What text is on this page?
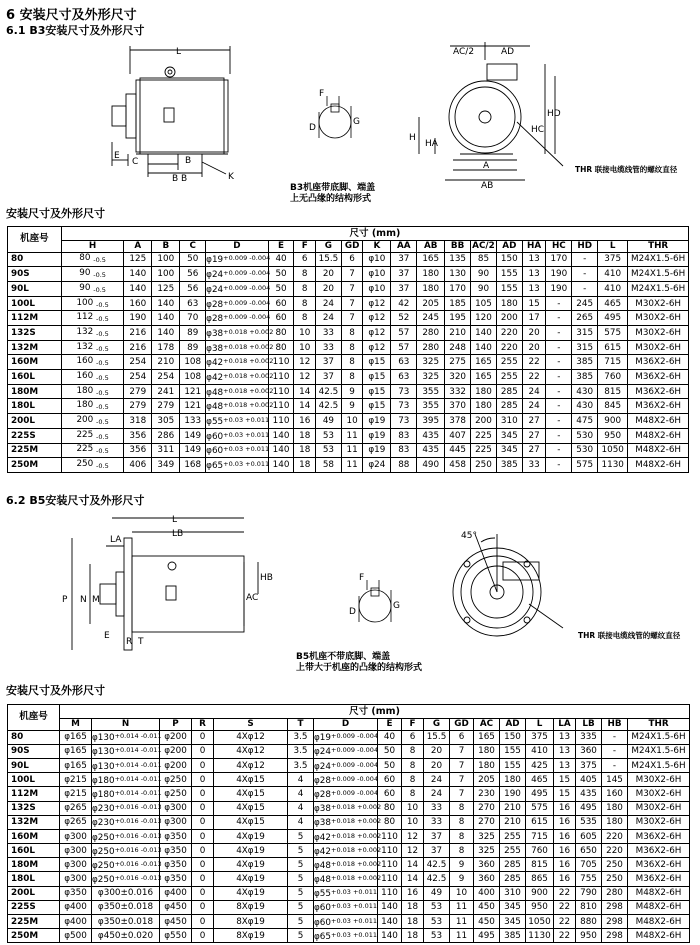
6 安装尺寸及外形尺寸
6.1 B3安装尺寸及外形尺寸
L
E
C	B
B B	K
F
D
G
B3机座带底脚、端盖
上无凸缘的结构形式
AC/2	AD
HD
HC
H
HA
A
AB
THR 联接电缆线管的螺纹直径
安装尺寸及外形尺寸
机座号	尺寸 (mm)																			
	H	A	B	C	D	E	F	G	GD	K	AA	AB	BB	AC/2	AD	HA	HC	HD	L	THR
80	80 $_{-0.5}$	125	100	50	$\varphi 19^{+0.009 -0.004}$	40	6	15.5	6	φ10	37	165	135	85	150	13	170	-	375	M24X1.5-6H
90S	90 $_{-0.5}$	140	100	56	$\varphi 24^{+0.009 -0.004}$	50	8	20	7	φ10	37	180	130	90	155	13	190	-	410	M24X1.5-6H
90L	90 $_{-0.5}$	140	125	56	$\varphi 24^{+0.009 -0.004}$	50	8	20	7	φ10	37	180	170	90	155	13	190	-	410	M24X1.5-6H
100L	100 $_{-0.5}$	160	140	63	$\varphi 28^{+0.009 -0.004}$	60	8	24	7	φ12	42	205	185	105	180	15	-	245	465	M30X2-6H
112M	112 $_{-0.5}$	190	140	70	$\varphi 28^{+0.009 -0.004}$	60	8	24	7	φ12	52	245	195	120	200	17	-	265	495	M30X2-6H
132S	132 $_{-0.5}$	216	140	89	$\varphi 38^{+0.018 +0.002}$	80	10	33	8	φ12	57	280	210	140	220	20	-	315	575	M30X2-6H
132M	132 $_{-0.5}$	216	178	89	$\varphi 38^{+0.018 +0.002}$	80	10	33	8	φ12	57	280	248	140	220	20	-	315	615	M30X2-6H
160M	160 $_{-0.5}$	254	210	108	$\varphi 42^{+0.018 +0.002}$	110	12	37	8	φ15	63	325	275	165	255	22	-	385	715	M36X2-6H
160L	160 $_{-0.5}$	254	254	108	$\varphi 42^{+0.018 +0.002}$	110	12	37	8	φ15	63	325	320	165	255	22	-	385	760	M36X2-6H
180M	180 $_{-0.5}$	279	241	121	$\varphi 48^{+0.018 +0.002}$	110	14	42.5	9	φ15	73	355	332	180	285	24	-	430	815	M36X2-6H
180L	180 $_{-0.5}$	279	279	121	$\varphi 48^{+0.018 +0.002}$	110	14	42.5	9	φ15	73	355	370	180	285	24	-	430	845	M36X2-6H
200L	200 $_{-0.5}$	318	305	133	$\varphi 55^{+0.03 +0.011}$	110	16	49	10	φ19	73	395	378	200	310	27	-	475	900	M48X2-6H
225S	225 $_{-0.5}$	356	286	149	$\varphi 60^{+0.03 +0.011}$	140	18	53	11	φ19	83	435	407	225	345	27	-	530	950	M48X2-6H
225M	225 $_{-0.5}$	356	311	149	$\varphi 60^{+0.03 +0.011}$	140	18	53	11	φ19	83	435	445	225	345	27	-	530	1050	M48X2-6H
250M	250 $_{-0.5}$	406	349	168	$\varphi 65^{+0.03 +0.011}$	140	18	58	11	φ24	88	490	458	250	385	33	-	575	1130	M48X2-6H
6.2 B5安装尺寸及外形尺寸
L
LB
LA
P N M	AC
HB
E
R T
F
D
G
B5机座不带底脚、端盖
上带大于机座的凸缘的结构形式
45°
THR 联接电缆线管的螺纹直径
安装尺寸及外形尺寸
机座号	尺寸 (mm)																	
	M	N	P	R	S	T	D	E	F	G	GD	AC	AD	L	LA	LB	HB	THR
80	φ165	$\varphi 130^{+0.014 -0.011}$	φ200	0	4Xφ12	3.5	$\varphi 19^{+0.009 -0.004}$	40	6	15.5	6	165	150	375	13	335	-	M24X1.5-6H
90S	φ165	$\varphi 130^{+0.014 -0.011}$	φ200	0	4Xφ12	3.5	$\varphi 24^{+0.009 -0.004}$	50	8	20	7	180	155	410	13	360	-	M24X1.5-6H
90L	φ165	$\varphi 130^{+0.014 -0.011}$	φ200	0	4Xφ12	3.5	$\varphi 24^{+0.009 -0.004}$	50	8	20	7	180	155	425	13	375	-	M24X1.5-6H
100L	φ215	$\varphi 180^{+0.014 -0.011}$	φ250	0	4Xφ15	4	$\varphi 28^{+0.009 -0.004}$	60	8	24	7	205	180	465	15	405	145	M30X2-6H
112M	φ215	$\varphi 180^{+0.014 -0.011}$	φ250	0	4Xφ15	4	$\varphi 28^{+0.009 -0.004}$	60	8	24	7	230	190	495	15	435	160	M30X2-6H
132S	φ265	$\varphi 230^{+0.016 -0.013}$	φ300	0	4Xφ15	4	$\varphi 38^{+0.018 +0.002}$	80	10	33	8	270	210	575	16	495	180	M30X2-6H
132M	φ265	$\varphi 230^{+0.016 -0.013}$	φ300	0	4Xφ15	4	$\varphi 38^{+0.018 +0.002}$	80	10	33	8	270	210	615	16	535	180	M30X2-6H
160M	φ300	$\varphi 250^{+0.016 -0.013}$	φ350	0	4Xφ19	5	$\varphi 42^{+0.018 +0.002}$	110	12	37	8	325	255	715	16	605	220	M36X2-6H
160L	φ300	$\varphi 250^{+0.016 -0.013}$	φ350	0	4Xφ19	5	$\varphi 42^{+0.018 +0.002}$	110	12	37	8	325	255	760	16	650	220	M36X2-6H
180M	φ300	$\varphi 250^{+0.016 -0.013}$	φ350	0	4Xφ19	5	$\varphi 48^{+0.018 +0.002}$	110	14	42.5	9	360	285	815	16	705	250	M36X2-6H
180L	φ300	$\varphi 250^{+0.016 -0.013}$	φ350	0	4Xφ19	5	$\varphi 48^{+0.018 +0.002}$	110	14	42.5	9	360	285	865	16	755	250	M36X2-6H
200L	φ350	φ300±0.016	φ400	0	4Xφ19	5	$\varphi 55^{+0.03 +0.011}$	110	16	49	10	400	310	900	22	790	280	M48X2-6H
225S	φ400	φ350±0.018	φ450	0	8Xφ19	5	$\varphi 60^{+0.03 +0.011}$	140	18	53	11	450	345	950	22	810	298	M48X2-6H
225M	φ400	φ350±0.018	φ450	0	8Xφ19	5	$\varphi 60^{+0.03 +0.011}$	140	18	53	11	450	345	1050	22	880	298	M48X2-6H
250M	φ500	φ450±0.020	φ550	0	8Xφ19	5	$\varphi 65^{+0.03 +0.011}$	140	18	53	11	495	385	1130	22	950	298	M48X2-6H
